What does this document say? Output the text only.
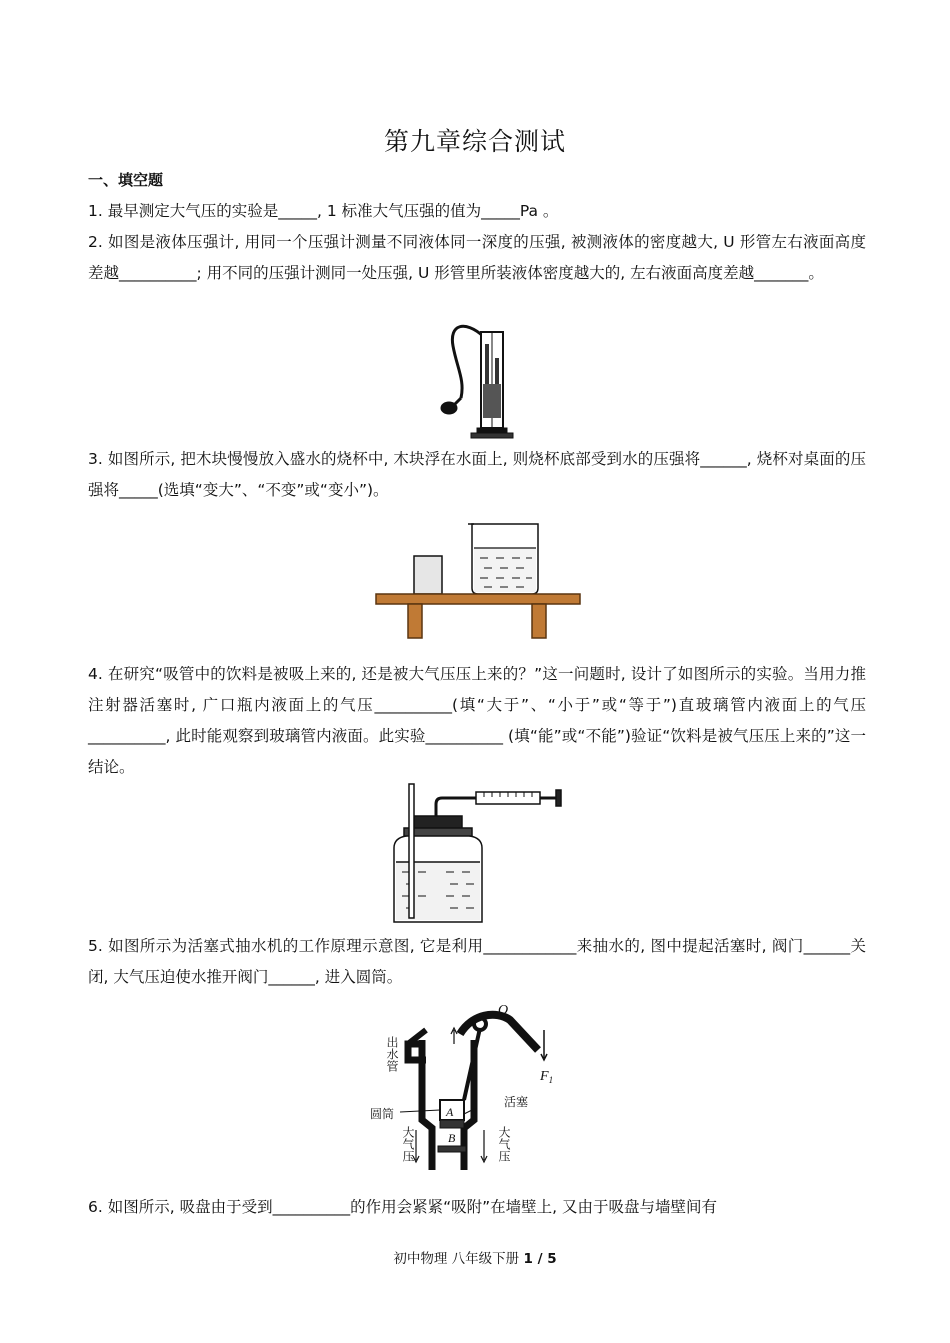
第九章综合测试
一、填空题

1. 最早测定大气压的实验是_____, 1 标准大气压强的值为_____Pa 。

2. 如图是液体压强计, 用同一个压强计测量不同液体同一深度的压强, 被测液体的密度越大, U 形管左右液面高度差越__________; 用不同的压强计测同一处压强, U 形管里所装液体密度越大的, 左右液面高度差越_______。

3. 如图所示, 把木块慢慢放入盛水的烧杯中, 木块浮在水面上, 则烧杯底部受到水的压强将______, 烧杯对桌面的压强将_____(选填“变大”、“不变”或“变小”)。

4. 在研究“吸管中的饮料是被吸上来的, 还是被大气压压上来的？”这一问题时, 设计了如图所示的实验。当用力推注射器活塞时, 广口瓶内液面上的气压__________(填“大于”、“小于”或“等于”)直玻璃管内液面上的气压__________, 此时能观察到玻璃管内液面。此实验__________ (填“能”或“不能”)验证“饮料是被气压压上来的”这一结论。

5. 如图所示为活塞式抽水机的工作原理示意图, 它是利用____________来抽水的, 图中提起活塞时, 阀门______关闭, 大气压迫使水推开阀门______, 进入圆筒。

O
$F_1$
A
B
出水管
圆筒
活塞
大气压	大气压

6. 如图所示, 吸盘由于受到__________的作用会紧紧“吸附”在墙壁上, 又由于吸盘与墙壁间有

初中物理 八年级下册 1 / 5
